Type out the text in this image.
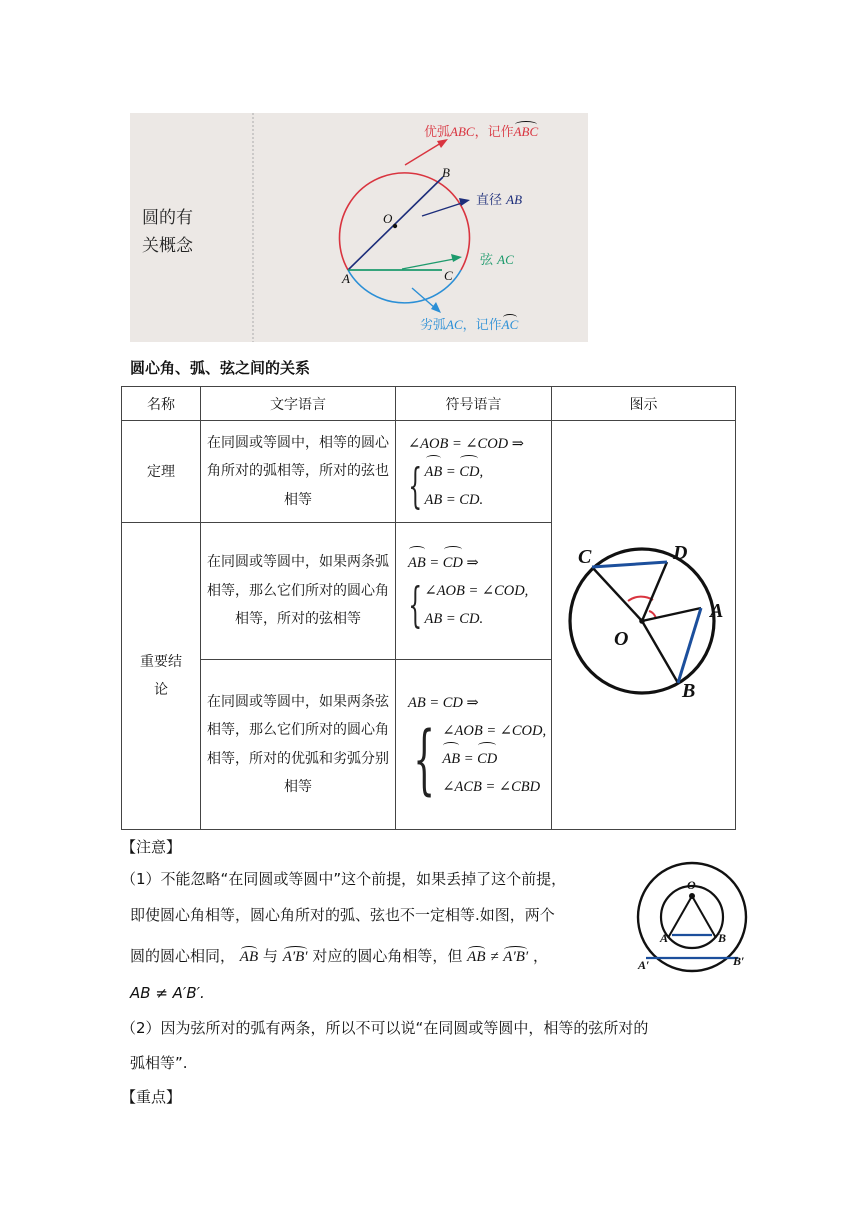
圆的有
关概念
优弧ABC，记作ABC
直径 AB
弦 AC
劣弧AC，记作AC
O
A
B
C
圆心角、弧、弦之间的关系
名称	文字语言	符号语言	图示
定理	在同圆或等圆中，相等的圆心角所对的弧相等，所对的弦也相等	∠AOB = ∠COD ⇒
{ AB = CD,
AB = CD.

重要结论	在同圆或等圆中，如果两条弧相等，那么它们所对的圆心角相等，所对的弦相等	AB = CD ⇒
{ ∠AOB = ∠COD,
AB = CD.	

	在同圆或等圆中，如果两条弦相等，那么它们所对的圆心角相等，所对的优弧和劣弧分别相等	AB = CD ⇒
{ ∠AOB = ∠COD,
AB = CD
∠ACB = ∠CBD	
C	D
A
B
O
【注意】
（1）不能忽略“在同圆或等圆中”这个前提，如果丢掉了这个前提，
即使圆心角相等，圆心角所对的弧、弦也不一定相等.如图，两个
圆的圆心相同， AB 与 A′B′ 对应的圆心角相等，但 AB ≠ A′B′ ，
AB ≠ A′B′.
（2）因为弦所对的弧有两条，所以不可以说“在同圆或等圆中，相等的弦所对的
弧相等”.
【重点】
O
A	B
A′	B′
